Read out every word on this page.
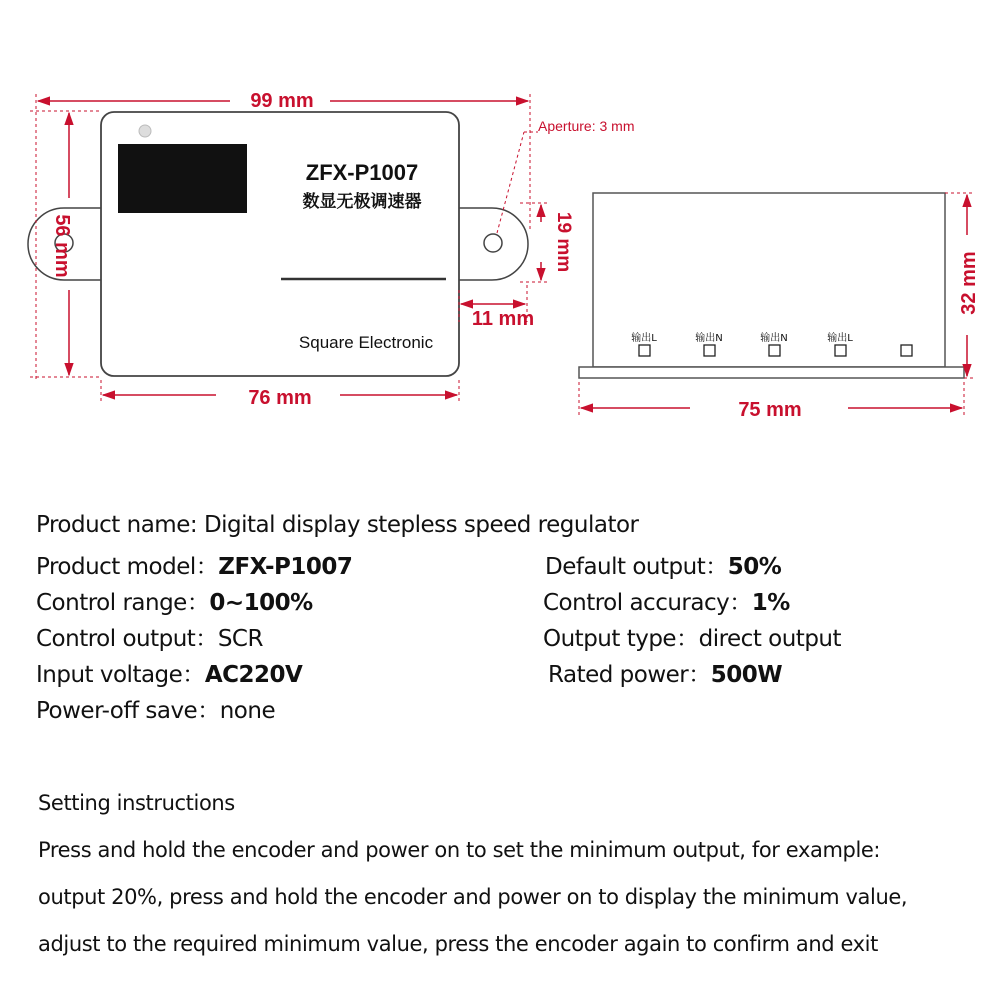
ZFX-P1007
数显无极调速器
Square Electronic
99 mm
56 mm	19 mm
11 mm
76 mm
Aperture: 3 mm
输出L	输出N	输出N	输出L
32 mm
75 mm
Product name: Digital display stepless speed regulator
Product model：ZFX-P1007	Default output：50%
Control range：0~100%	Control accuracy：1%
Control output：SCR	Output type：direct output
Input voltage：AC220V	Rated power：500W
Power-off save：none
Setting instructions
Press and hold the encoder and power on to set the minimum output, for example:
output 20%, press and hold the encoder and power on to display the minimum value,
adjust to the required minimum value, press the encoder again to confirm and exit
